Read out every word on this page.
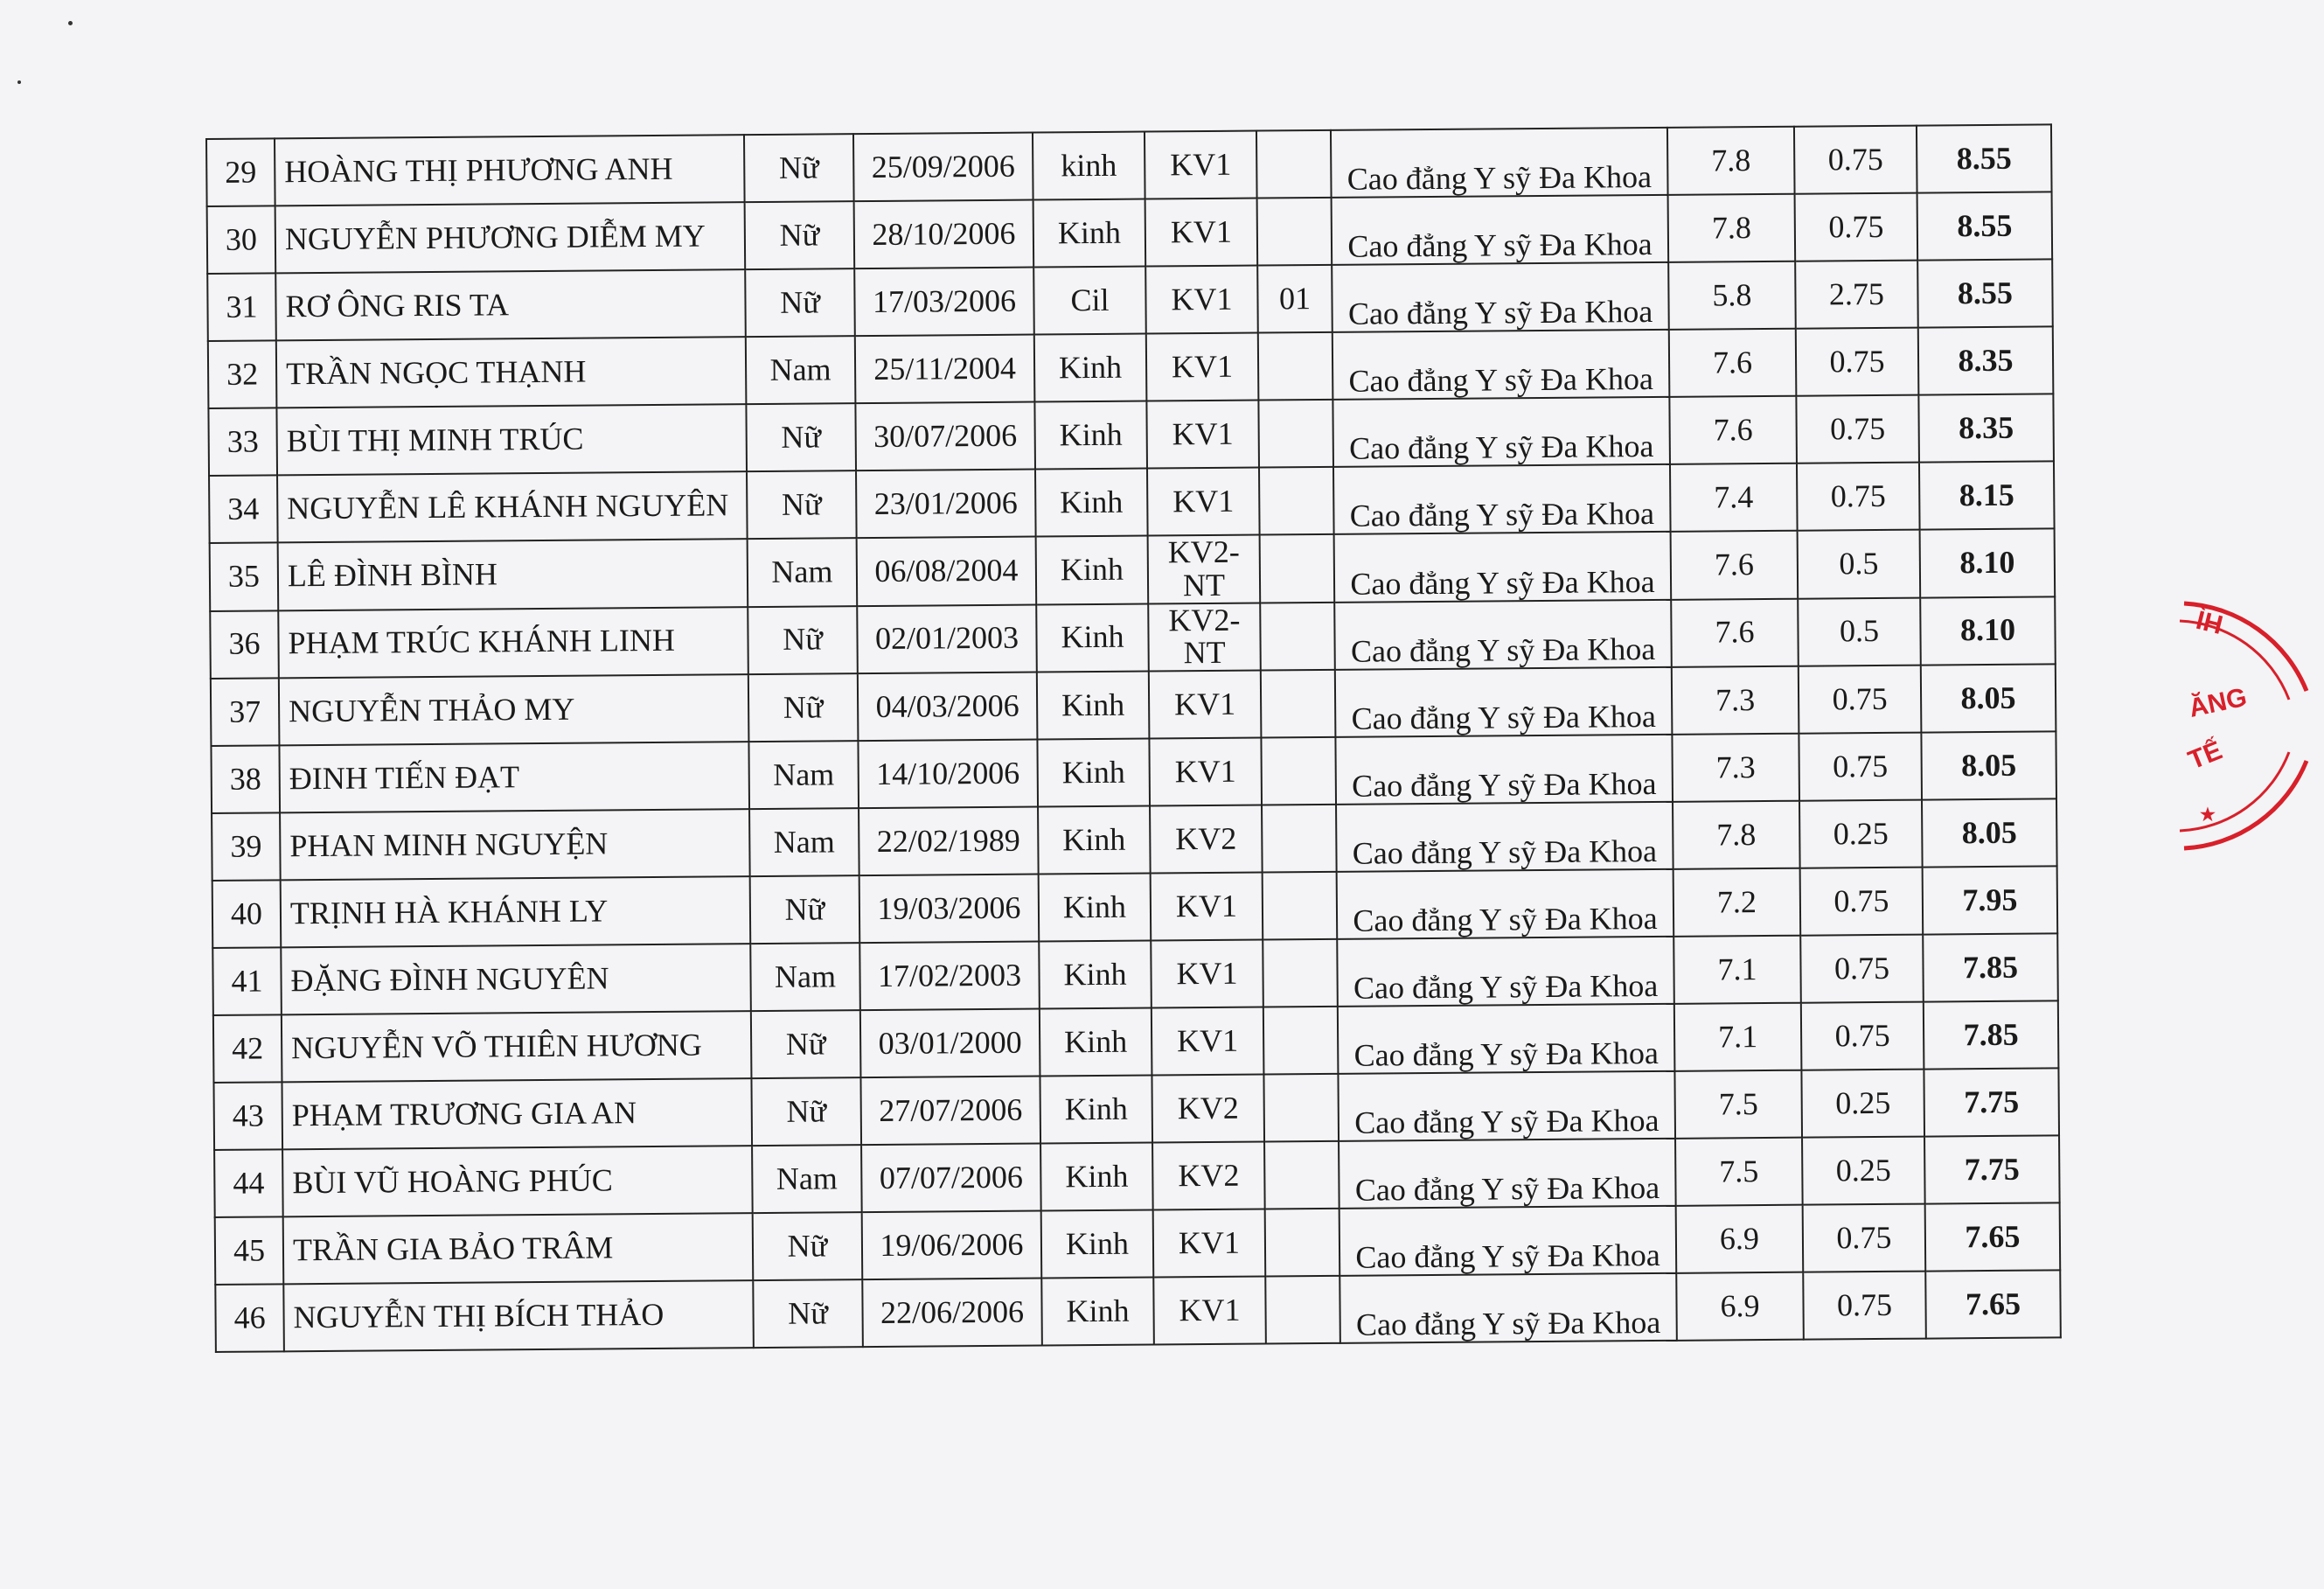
29	HOÀNG THỊ PHƯƠNG ANH	Nữ	25/09/2006	kinh	KV1		Cao đẳng Y sỹ Đa Khoa	7.8	0.75	8.55
30	NGUYỄN PHƯƠNG DIỄM MY	Nữ	28/10/2006	Kinh	KV1		Cao đẳng Y sỹ Đa Khoa	7.8	0.75	8.55
31	RƠ ÔNG RIS TA	Nữ	17/03/2006	Cil	KV1	01	Cao đẳng Y sỹ Đa Khoa	5.8	2.75	8.55
32	TRẦN NGỌC THẠNH	Nam	25/11/2004	Kinh	KV1		Cao đẳng Y sỹ Đa Khoa	7.6	0.75	8.35
33	BÙI THỊ MINH TRÚC	Nữ	30/07/2006	Kinh	KV1		Cao đẳng Y sỹ Đa Khoa	7.6	0.75	8.35
34	NGUYỄN LÊ KHÁNH NGUYÊN	Nữ	23/01/2006	Kinh	KV1		Cao đẳng Y sỹ Đa Khoa	7.4	0.75	8.15
35	LÊ ĐÌNH BÌNH	Nam	06/08/2004	Kinh	KV2-NT		Cao đẳng Y sỹ Đa Khoa	7.6	0.5	8.10
36	PHẠM TRÚC KHÁNH LINH	Nữ	02/01/2003	Kinh	KV2-NT		Cao đẳng Y sỹ Đa Khoa	7.6	0.5	8.10
37	NGUYỄN THẢO MY	Nữ	04/03/2006	Kinh	KV1		Cao đẳng Y sỹ Đa Khoa	7.3	0.75	8.05
38	ĐINH TIẾN ĐẠT	Nam	14/10/2006	Kinh	KV1		Cao đẳng Y sỹ Đa Khoa	7.3	0.75	8.05
39	PHAN MINH NGUYỆN	Nam	22/02/1989	Kinh	KV2		Cao đẳng Y sỹ Đa Khoa	7.8	0.25	8.05
40	TRỊNH HÀ KHÁNH LY	Nữ	19/03/2006	Kinh	KV1		Cao đẳng Y sỹ Đa Khoa	7.2	0.75	7.95
41	ĐẶNG ĐÌNH NGUYÊN	Nam	17/02/2003	Kinh	KV1		Cao đẳng Y sỹ Đa Khoa	7.1	0.75	7.85
42	NGUYỄN VÕ THIÊN HƯƠNG	Nữ	03/01/2000	Kinh	KV1		Cao đẳng Y sỹ Đa Khoa	7.1	0.75	7.85
43	PHẠM TRƯƠNG GIA AN	Nữ	27/07/2006	Kinh	KV2		Cao đẳng Y sỹ Đa Khoa	7.5	0.25	7.75
44	BÙI VŨ HOÀNG PHÚC	Nam	07/07/2006	Kinh	KV2		Cao đẳng Y sỹ Đa Khoa	7.5	0.25	7.75
45	TRẦN GIA BẢO TRÂM	Nữ	19/06/2006	Kinh	KV1		Cao đẳng Y sỹ Đa Khoa	6.9	0.75	7.65
46	NGUYỄN THỊ BÍCH THẢO	Nữ	22/06/2006	Kinh	KV1		Cao đẳng Y sỹ Đa Khoa	6.9	0.75	7.65
ÌH
ĂNG
TẾ
★
